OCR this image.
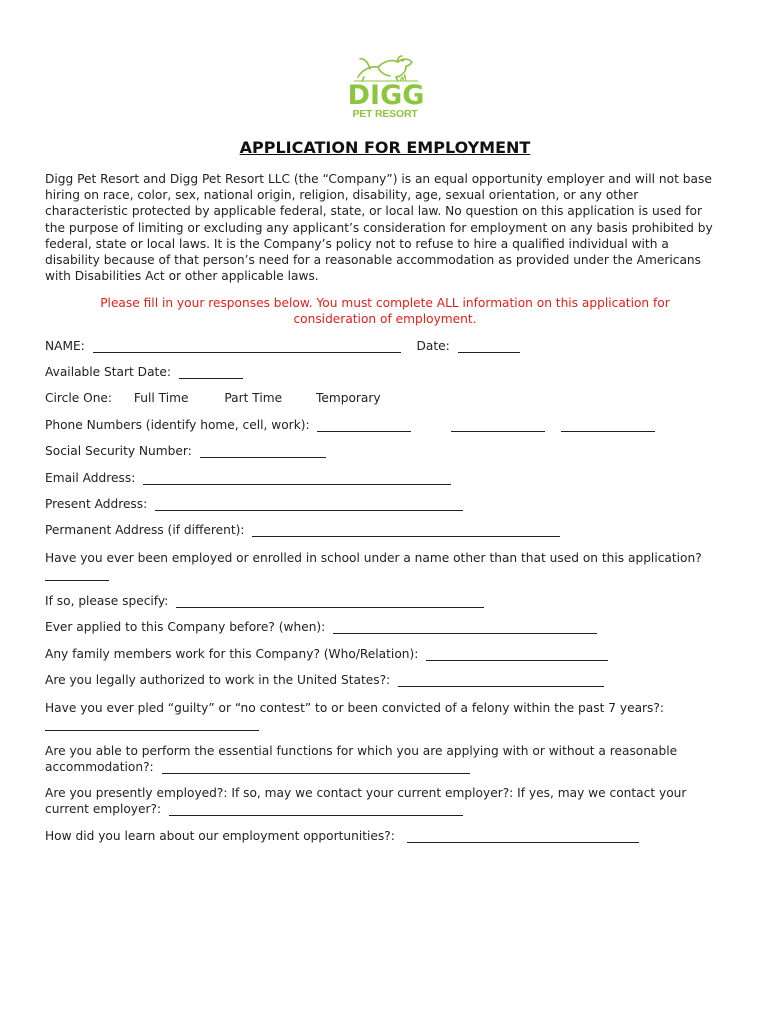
DIGG
PET RESORT
APPLICATION FOR EMPLOYMENT
Digg Pet Resort and Digg Pet Resort LLC (the “Company”) is an equal opportunity employer and will not base hiring on race, color, sex, national origin, religion, disability, age, sexual orientation, or any other characteristic protected by applicable federal, state, or local law. No question on this application is used for the purpose of limiting or excluding any applicant’s consideration for employment on any basis prohibited by federal, state or local laws. It is the Company’s policy not to refuse to hire a qualified individual with a disability because of that person’s need for a reasonable accommodation as provided under the Americans with Disabilities Act or other applicable laws.
Please fill in your responses below. You must complete ALL information on this application for consideration of employment.
NAME:	Date:
Available Start Date:
Circle One: Full Time	Part Time	Temporary
Phone Numbers (identify home, cell, work):
Social Security Number:
Email Address:
Present Address:
Permanent Address (if different):
Have you ever been employed or enrolled in school under a name other than that used on this application?

If so, please specify:
Ever applied to this Company before? (when):
Any family members work for this Company? (Who/Relation):
Are you legally authorized to work in the United States?:
Have you ever pled “guilty” or “no contest” to or been convicted of a felony within the past 7 years?:

Are you able to perform the essential functions for which you are applying with or without a reasonable accommodation?:
Are you presently employed?: If so, may we contact your current employer?: If yes, may we contact your current employer?:
How did you learn about our employment opportunities?:
